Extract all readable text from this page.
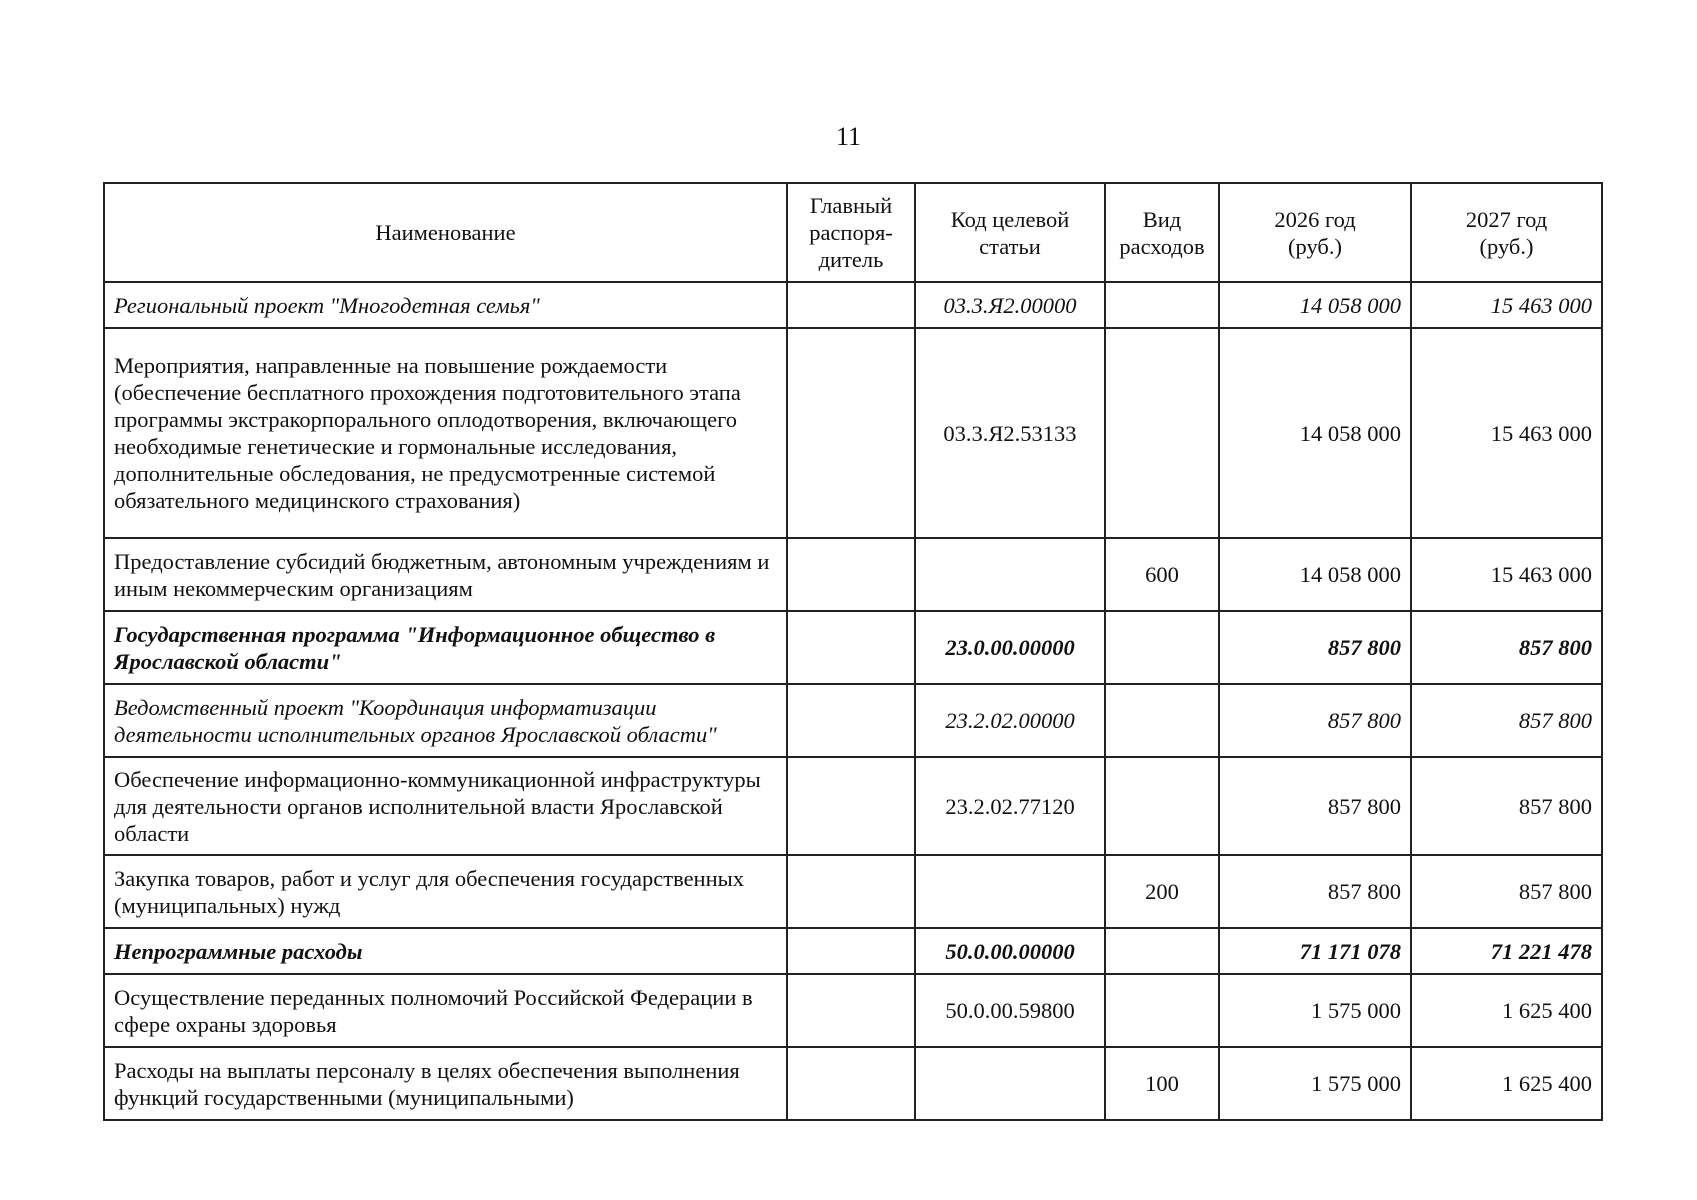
11
Наименование	Главный распоря-дитель	Код целевой статьи	Вид расходов	2026 год (руб.)	2027 год (руб.)
Региональный проект "Многодетная семья"		03.3.Я2.00000		14 058 000	15 463 000
Мероприятия, направленные на повышение рождаемости (обеспечение бесплатного прохождения подготовительного этапа программы экстракорпорального оплодотворения, включающего необходимые генетические и гормональные исследования, дополнительные обследования, не предусмотренные системой обязательного медицинского страхования)		03.3.Я2.53133		14 058 000	15 463 000
Предоставление субсидий бюджетным, автономным учреждениям и иным некоммерческим организациям			600	14 058 000	15 463 000
Государственная программа "Информационное общество в Ярославской области"		23.0.00.00000		857 800	857 800
Ведомственный проект "Координация информатизации деятельности исполнительных органов Ярославской области"		23.2.02.00000		857 800	857 800
Обеспечение информационно-коммуникационной инфраструктуры для деятельности органов исполнительной власти Ярославской области		23.2.02.77120		857 800	857 800
Закупка товаров, работ и услуг для обеспечения государственных (муниципальных) нужд			200	857 800	857 800
Непрограммные расходы		50.0.00.00000		71 171 078	71 221 478
Осуществление переданных полномочий Российской Федерации в сфере охраны здоровья		50.0.00.59800		1 575 000	1 625 400
Расходы на выплаты персоналу в целях обеспечения выполнения функций государственными (муниципальными)			100	1 575 000	1 625 400
